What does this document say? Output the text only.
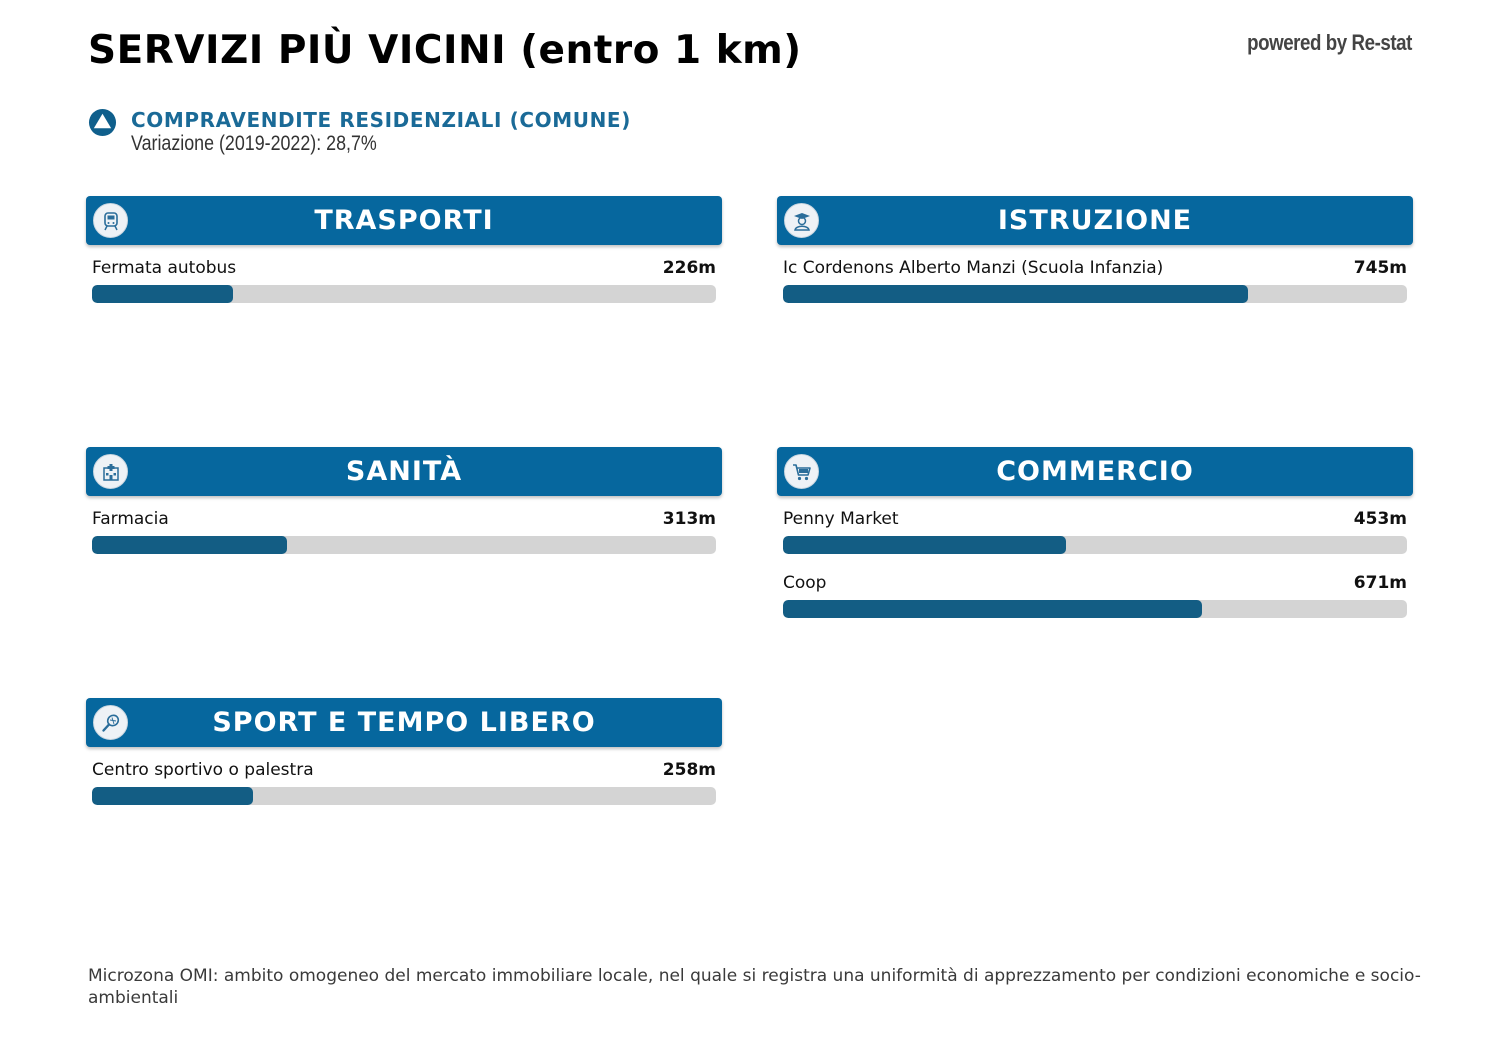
SERVIZI PIÙ VICINI (entro 1 km)	powered by Re-stat
COMPRAVENDITE RESIDENZIALI (COMUNE)
Variazione (2019-2022): 28,7%
TRASPORTI
Fermata autobus	226m
ISTRUZIONE
Ic Cordenons Alberto Manzi (Scuola Infanzia)	745m
SANITÀ
Farmacia	313m
COMMERCIO
Penny Market	453m
Coop	671m
SPORT E TEMPO LIBERO
Centro sportivo o palestra	258m
Microzona OMI: ambito omogeneo del mercato immobiliare locale, nel quale si registra una uniformità di apprezzamento per condizioni economiche e socio-ambientali
